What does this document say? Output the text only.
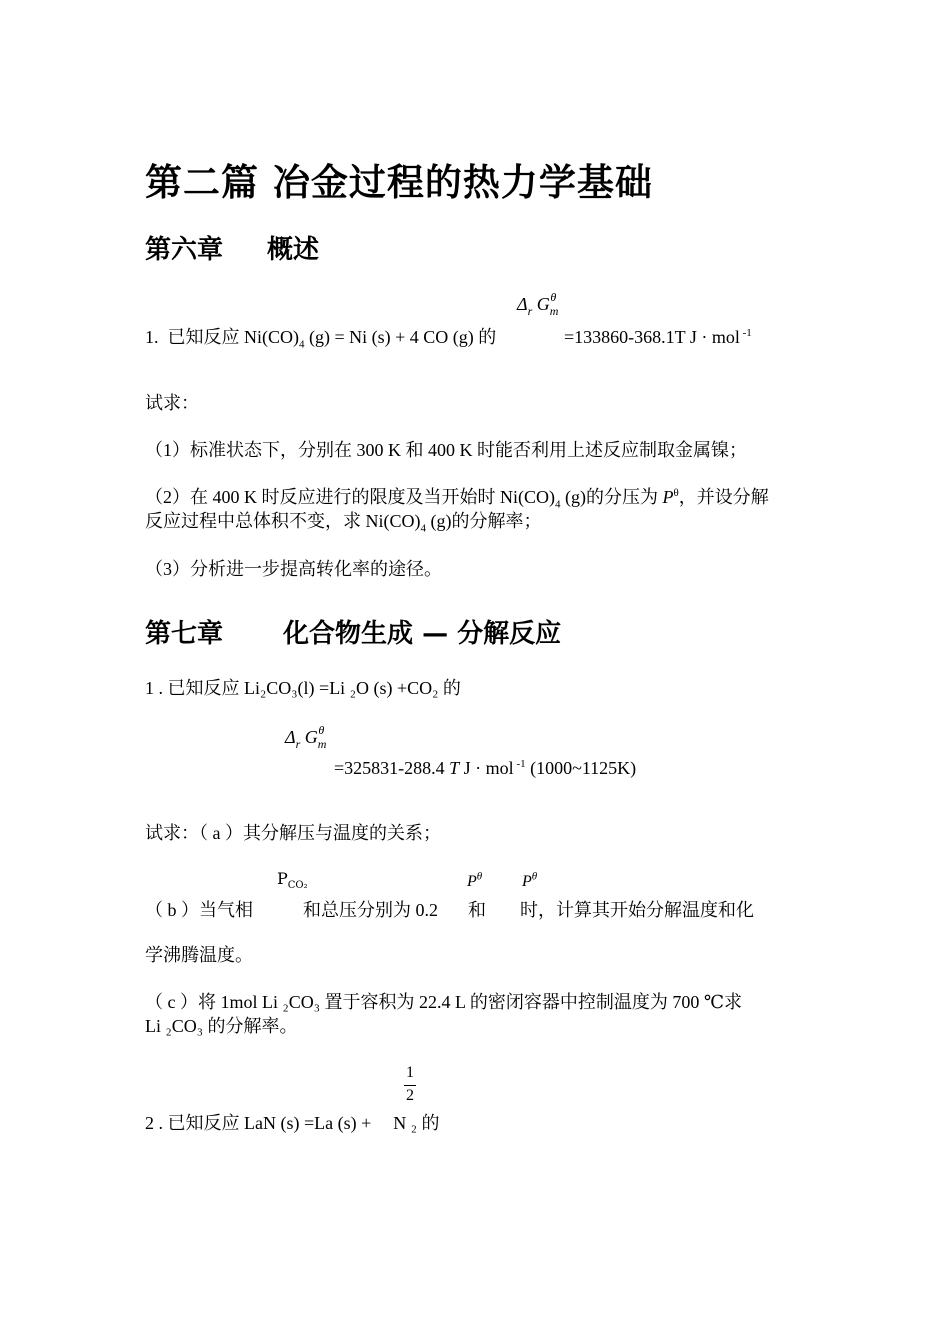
第二篇 冶金过程的热力学基础
第六章 概述
$\Delta_r$ $G_m^\theta$
1. 已知反应 $Ni(CO)_4$ (g) = Ni (s) + 4 CO (g) 的	=133860-368.1T J · mol $^{-1}$
试求：
（1）标准状态下，分别在 300 K 和 400 K 时能否利用上述反应制取金属镍；
（2）在 400 K 时反应进行的限度及当开始时 $Ni(CO)_4$ (g)的分压为 $P^\theta$，并设分解
反应过程中总体积不变，求 $Ni(CO)_4$ (g)的分解率；
（3）分析进一步提高转化率的途径。
第七章 化合物生成 — 分解反应
1 . 已知反应 Li₂CO₃(l) =Li ₂O (s) +CO₂ 的
$\Delta_r$ $G_m^\theta$
=325831-288.4 T J · mol $^{-1}$ (1000~1125K)
试求：（ a ）其分解压与温度的关系；
$P_{CO_2}$	$P^\theta$ $P^\theta$
（ b ）当气相	和总压分别为 0.2 和 时，计算其开始分解温度和化
学沸腾温度。
（ c ）将 1mol Li ₂CO₃ 置于容积为 22.4 L 的密闭容器中控制温度为 700 ℃求
Li ₂CO₃ 的分解率。
1
2
2 . 已知反应 LaN (s) =La (s) + N ₂ 的
